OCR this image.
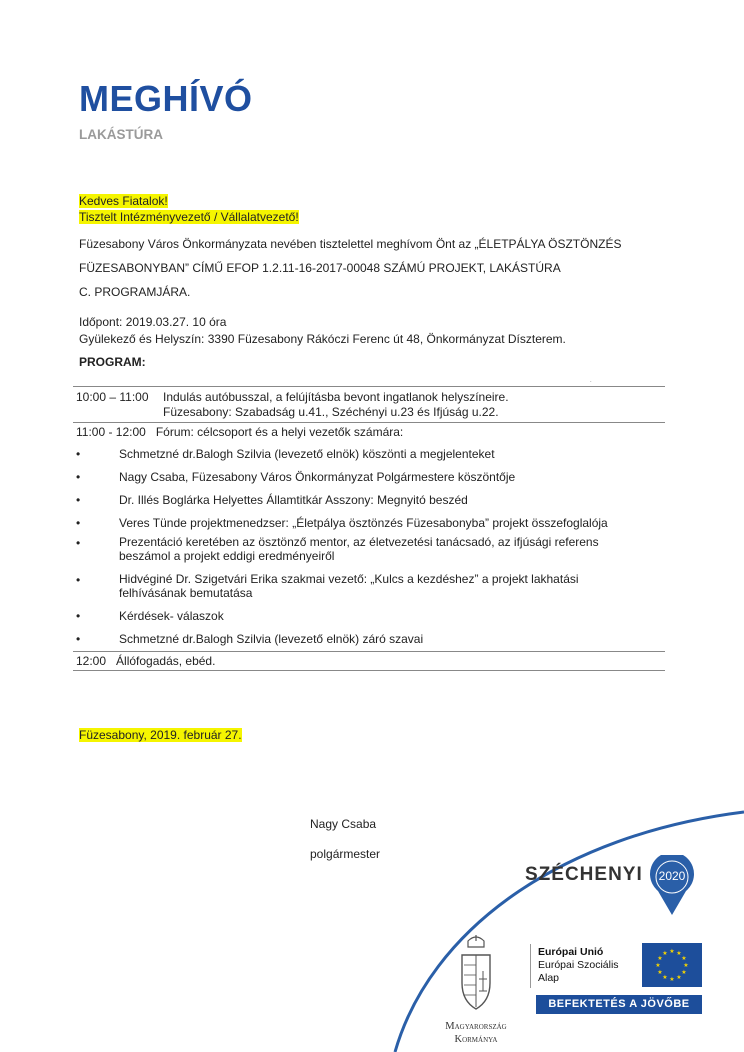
MEGHÍVÓ
LAKÁSTÚRA
Kedves Fiatalok!
Tisztelt Intézményvezető / Vállalatvezető!
Füzesabony Város Önkormányzata nevében tisztelettel meghívom Önt az „ÉLETPÁLYA ÖSZTÖNZÉS
FÜZESABONYBAN” CÍMŰ EFOP 1.2.11-16-2017-00048 SZÁMÚ PROJEKT, LAKÁSTÚRA
C. PROGRAMJÁRA.
Időpont: 2019.03.27. 10 óra
Gyülekező és Helyszín: 3390 Füzesabony Rákóczi Ferenc út 48, Önkormányzat Díszterem.
PROGRAM:
.
10:00 – 11:00 Indulás autóbusszal, a felújításba bevont ingatlanok helyszíneire.
Füzesabony: Szabadság u.41., Széchényi u.23 és Ifjúság u.22.
11:00 - 12:00   Fórum: célcsoport és a helyi vezetők számára:
•	Schmetzné dr.Balogh Szilvia (levezető elnök) köszönti a megjelenteket
•	Nagy Csaba, Füzesabony Város Önkormányzat Polgármestere köszöntője
•	Dr. Illés Boglárka Helyettes Államtitkár Asszony: Megnyitó beszéd
•	Veres Tünde projektmenedzser: „Életpálya ösztönzés Füzesabonyba” projekt összefoglalója
•	Prezentáció keretében az ösztönző mentor, az életvezetési tanácsadó, az ifjúsági referens beszámol a projekt eddigi eredményeiről
•	Hidvéginé Dr. Szigetvári Erika szakmai vezető: „Kulcs a kezdéshez” a projekt lakhatási felhívásának bemutatása
•	Kérdések- válaszok
•	Schmetzné dr.Balogh Szilvia (levezető elnök) záró szavai
12:00   Állófogadás, ebéd.
Füzesabony, 2019. február 27.
Nagy Csaba
polgármester
SZÉCHENYI	2020
Magyarország
Kormánya
Európai Unió
Európai Szociális
Alap
★ ★
★
★
★
★
★
★
★
★
★
★
BEFEKTETÉS A JÖVŐBE
